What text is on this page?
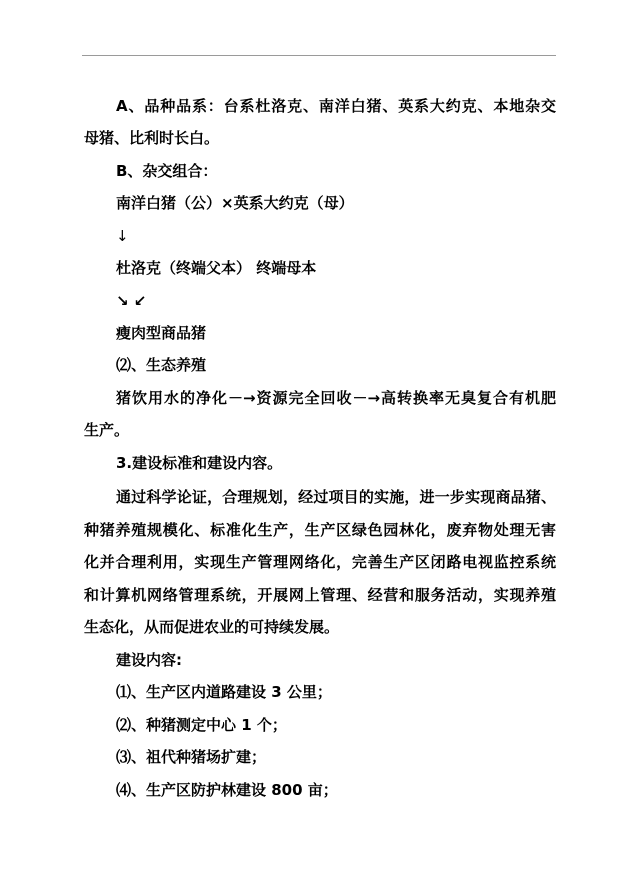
A、品种品系：台系杜洛克、南洋白猪、英系大约克、本地杂交
母猪、比利时长白。
B、杂交组合：
南洋白猪（公）×英系大约克（母）
↓
杜洛克（终端父本） 终端母本
↘ ↙
瘦肉型商品猪
⑵、生态养殖
猪饮用水的净化－→资源完全回收－→高转换率无臭复合有机肥
生产。
3.建设标准和建设内容。
通过科学论证，合理规划，经过项目的实施，进一步实现商品猪、
种猪养殖规模化、标准化生产，生产区绿色园林化，废弃物处理无害
化并合理利用，实现生产管理网络化，完善生产区闭路电视监控系统
和计算机网络管理系统，开展网上管理、经营和服务活动，实现养殖
生态化，从而促进农业的可持续发展。
建设内容:
⑴、生产区内道路建设 3 公里；
⑵、种猪测定中心 1 个；
⑶、祖代种猪场扩建；
⑷、生产区防护林建设 800 亩；
